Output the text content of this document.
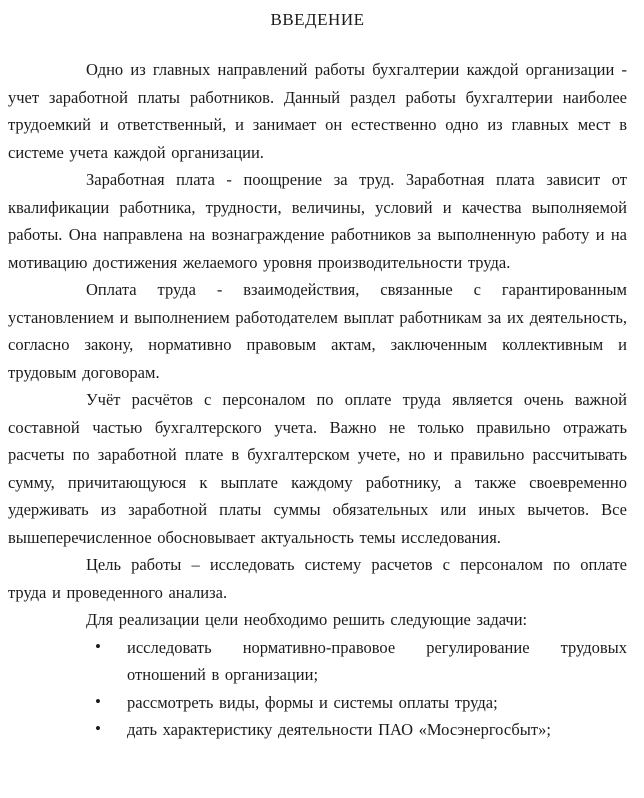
ВВЕДЕНИЕ

Одно из главных направлений работы бухгалтерии каждой организации - учет заработной платы работников. Данный раздел работы бухгалтерии наиболее трудоемкий и ответственный, и занимает он естественно одно из главных мест в системе учета каждой организации.

Заработная плата - поощрение за труд. Заработная плата зависит от квалификации работника, трудности, величины, условий и качества выполняемой работы. Она направлена на вознаграждение работников за выполненную работу и на мотивацию достижения желаемого уровня производительности труда.

Оплата труда - взаимодействия, связанные с гарантированным установлением и выполнением работодателем выплат работникам за их деятельность, согласно закону, нормативно правовым актам, заключенным коллективным и трудовым договорам.

Учёт расчётов с персоналом по оплате труда является очень важной составной частью бухгалтерского учета. Важно не только правильно отражать расчеты по заработной плате в бухгалтерском учете, но и правильно рассчитывать сумму, причитающуюся к выплате каждому работнику, а также своевременно удерживать из заработной платы суммы обязательных или иных вычетов. Все вышеперечисленное обосновывает актуальность темы исследования.

Цель работы – исследовать систему расчетов с персоналом по оплате труда и проведенного анализа.

Для реализации цели необходимо решить следующие задачи:

• исследовать нормативно-правовое регулирование трудовых отношений в организации;
• рассмотреть виды, формы и системы оплаты труда;
• дать характеристику деятельности ПАО «Мосэнергосбыт»;
